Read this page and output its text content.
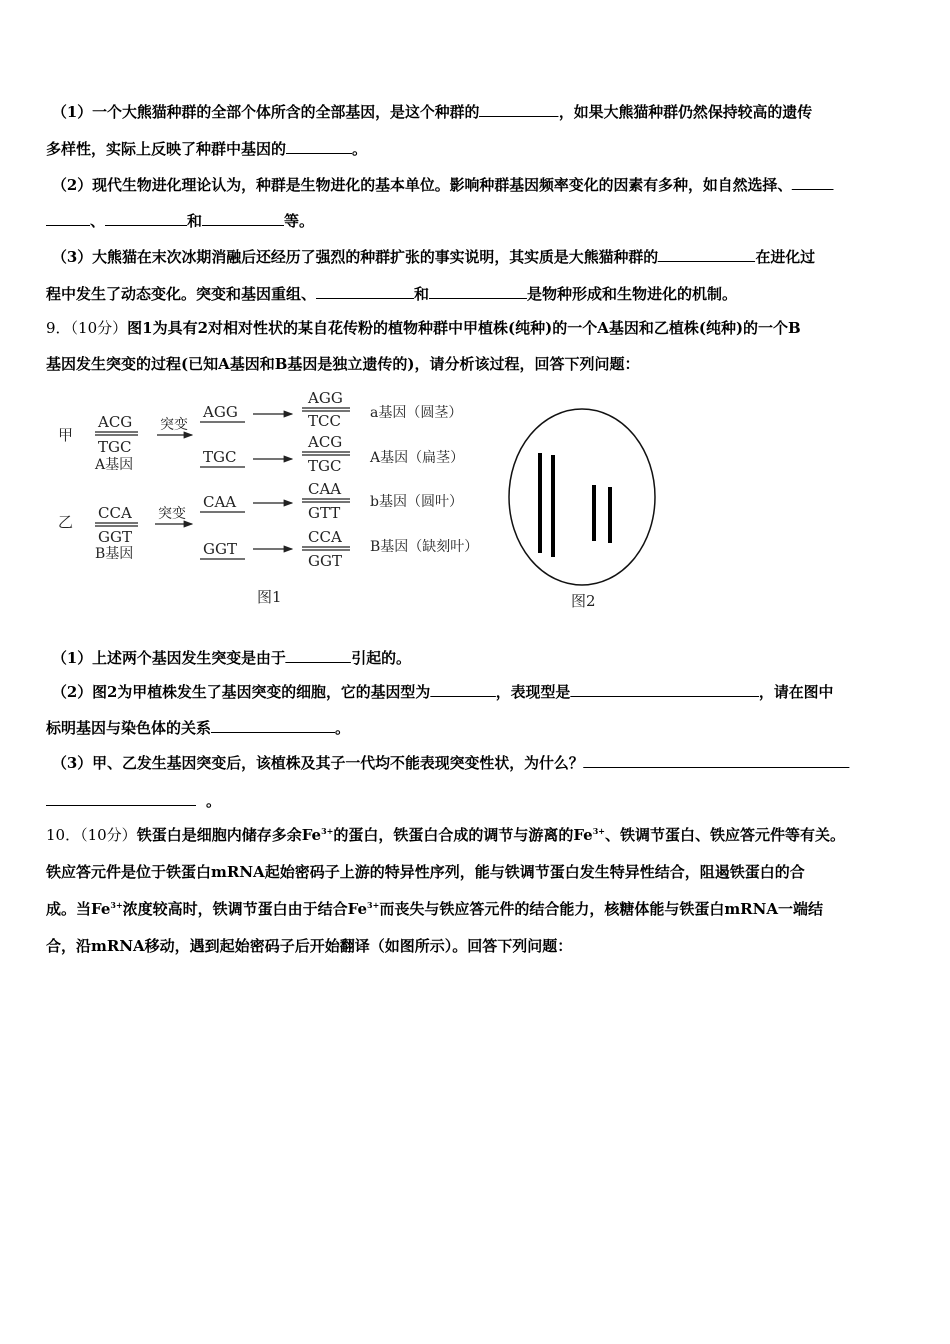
（1）一个大熊猫种群的全部个体所含的全部基因，是这个种群的	，如果大熊猫种群仍然保持较高的遗传
多样性，实际上反映了种群中基因的	。
（2）现代生物进化理论认为，种群是生物进化的基本单位。影响种群基因频率变化的因素有多种，如自然选择、
、	和	等。
（3）大熊猫在末次冰期消融后还经历了强烈的种群扩张的事实说明，其实质是大熊猫种群的	在进化过
程中发生了动态变化。突变和基因重组、	和	是物种形成和生物进化的机制。
9．（10分）图1为具有2对相对性状的某自花传粉的植物种群中甲植株(纯种)的一个A基因和乙植株(纯种)的一个B
基因发生突变的过程(已知A基因和B基因是独立遗传的)，请分析该过程，回答下列问题：
甲
ACG
TGC
A基因
突变
AGG
AGG
TCC a基因（圆茎）
TGC
ACG
TGC A基因（扁茎）
乙 CCA
GGT
B基因
突变
CAA
CAA
GTT
b基因（圆叶）
GGT
CCA
GGT
B基因（缺刻叶）
图1	图2
（1）上述两个基因发生突变是由于	引起的。
（2）图2为甲植株发生了基因突变的细胞，它的基因型为	，表现型是	，请在图中
标明基因与染色体的关系	。
（3）甲、乙发生基因突变后，该植株及其子一代均不能表现突变性状，为什么？
。
10．（10分）铁蛋白是细胞内储存多余$Fe^{3+}$的蛋白，铁蛋白合成的调节与游离的$Fe^{3+}$、铁调节蛋白、铁应答元件等有关。
铁应答元件是位于铁蛋白mRNA起始密码子上游的特异性序列，能与铁调节蛋白发生特异性结合，阻遏铁蛋白的合
成。当$Fe^{3+}$浓度较高时，铁调节蛋白由于结合$Fe^{3+}$而丧失与铁应答元件的结合能力，核糖体能与铁蛋白mRNA一端结
合，沿mRNA移动，遇到起始密码子后开始翻译（如图所示）。回答下列问题：
